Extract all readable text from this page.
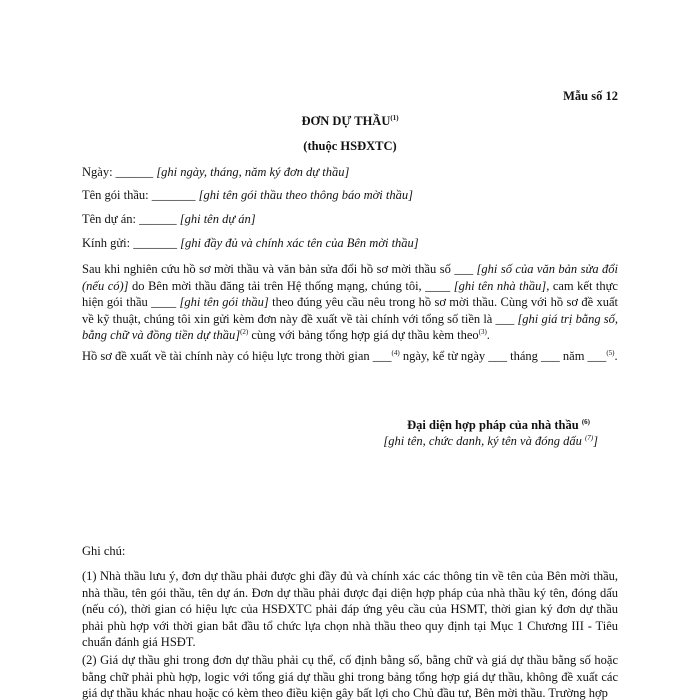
Mẫu số 12
ĐƠN DỰ THẦU$^{(1)}$
(thuộc HSĐXTC)
Ngày: ______ [ghi ngày, tháng, năm ký đơn dự thầu]
Tên gói thầu: _______ [ghi tên gói thầu theo thông báo mời thầu]
Tên dự án: ______ [ghi tên dự án]
Kính gửi: _______ [ghi đầy đủ và chính xác tên của Bên mời thầu]
Sau khi nghiên cứu hồ sơ mời thầu và văn bản sửa đổi hồ sơ mời thầu số ___ [ghi số của văn bản sửa đổi (nếu có)] do Bên mời thầu đăng tải trên Hệ thống mạng, chúng tôi, ____ [ghi tên nhà thầu], cam kết thực hiện gói thầu ____ [ghi tên gói thầu] theo đúng yêu cầu nêu trong hồ sơ mời thầu. Cùng với hồ sơ đề xuất về kỹ thuật, chúng tôi xin gửi kèm đơn này đề xuất về tài chính với tổng số tiền là ___ [ghi giá trị bằng số, bằng chữ và đồng tiền dự thầu]$^{(2)}$ cùng với bảng tổng hợp giá dự thầu kèm theo$^{(3)}$.
Hồ sơ đề xuất về tài chính này có hiệu lực trong thời gian ___$^{(4)}$ ngày, kể từ ngày ___ tháng ___ năm ___$^{(5)}$.
Đại diện hợp pháp của nhà thầu $^{(6)}$
[ghi tên, chức danh, ký tên và đóng dấu $^{(7)}$]
Ghi chú:
(1) Nhà thầu lưu ý, đơn dự thầu phải được ghi đầy đủ và chính xác các thông tin về tên của Bên mời thầu, nhà thầu, tên gói thầu, tên dự án. Đơn dự thầu phải được đại diện hợp pháp của nhà thầu ký tên, đóng dấu (nếu có), thời gian có hiệu lực của HSĐXTC phải đáp ứng yêu cầu của HSMT, thời gian ký đơn dự thầu phải phù hợp với thời gian bắt đầu tổ chức lựa chọn nhà thầu theo quy định tại Mục 1 Chương III - Tiêu chuẩn đánh giá HSĐT.
(2) Giá dự thầu ghi trong đơn dự thầu phải cụ thể, cố định bằng số, bằng chữ và giá dự thầu bằng số hoặc bằng chữ phải phù hợp, logic với tổng giá dự thầu ghi trong bảng tổng hợp giá dự thầu, không đề xuất các giá dự thầu khác nhau hoặc có kèm theo điều kiện gây bất lợi cho Chủ đầu tư, Bên mời thầu. Trường hợp
